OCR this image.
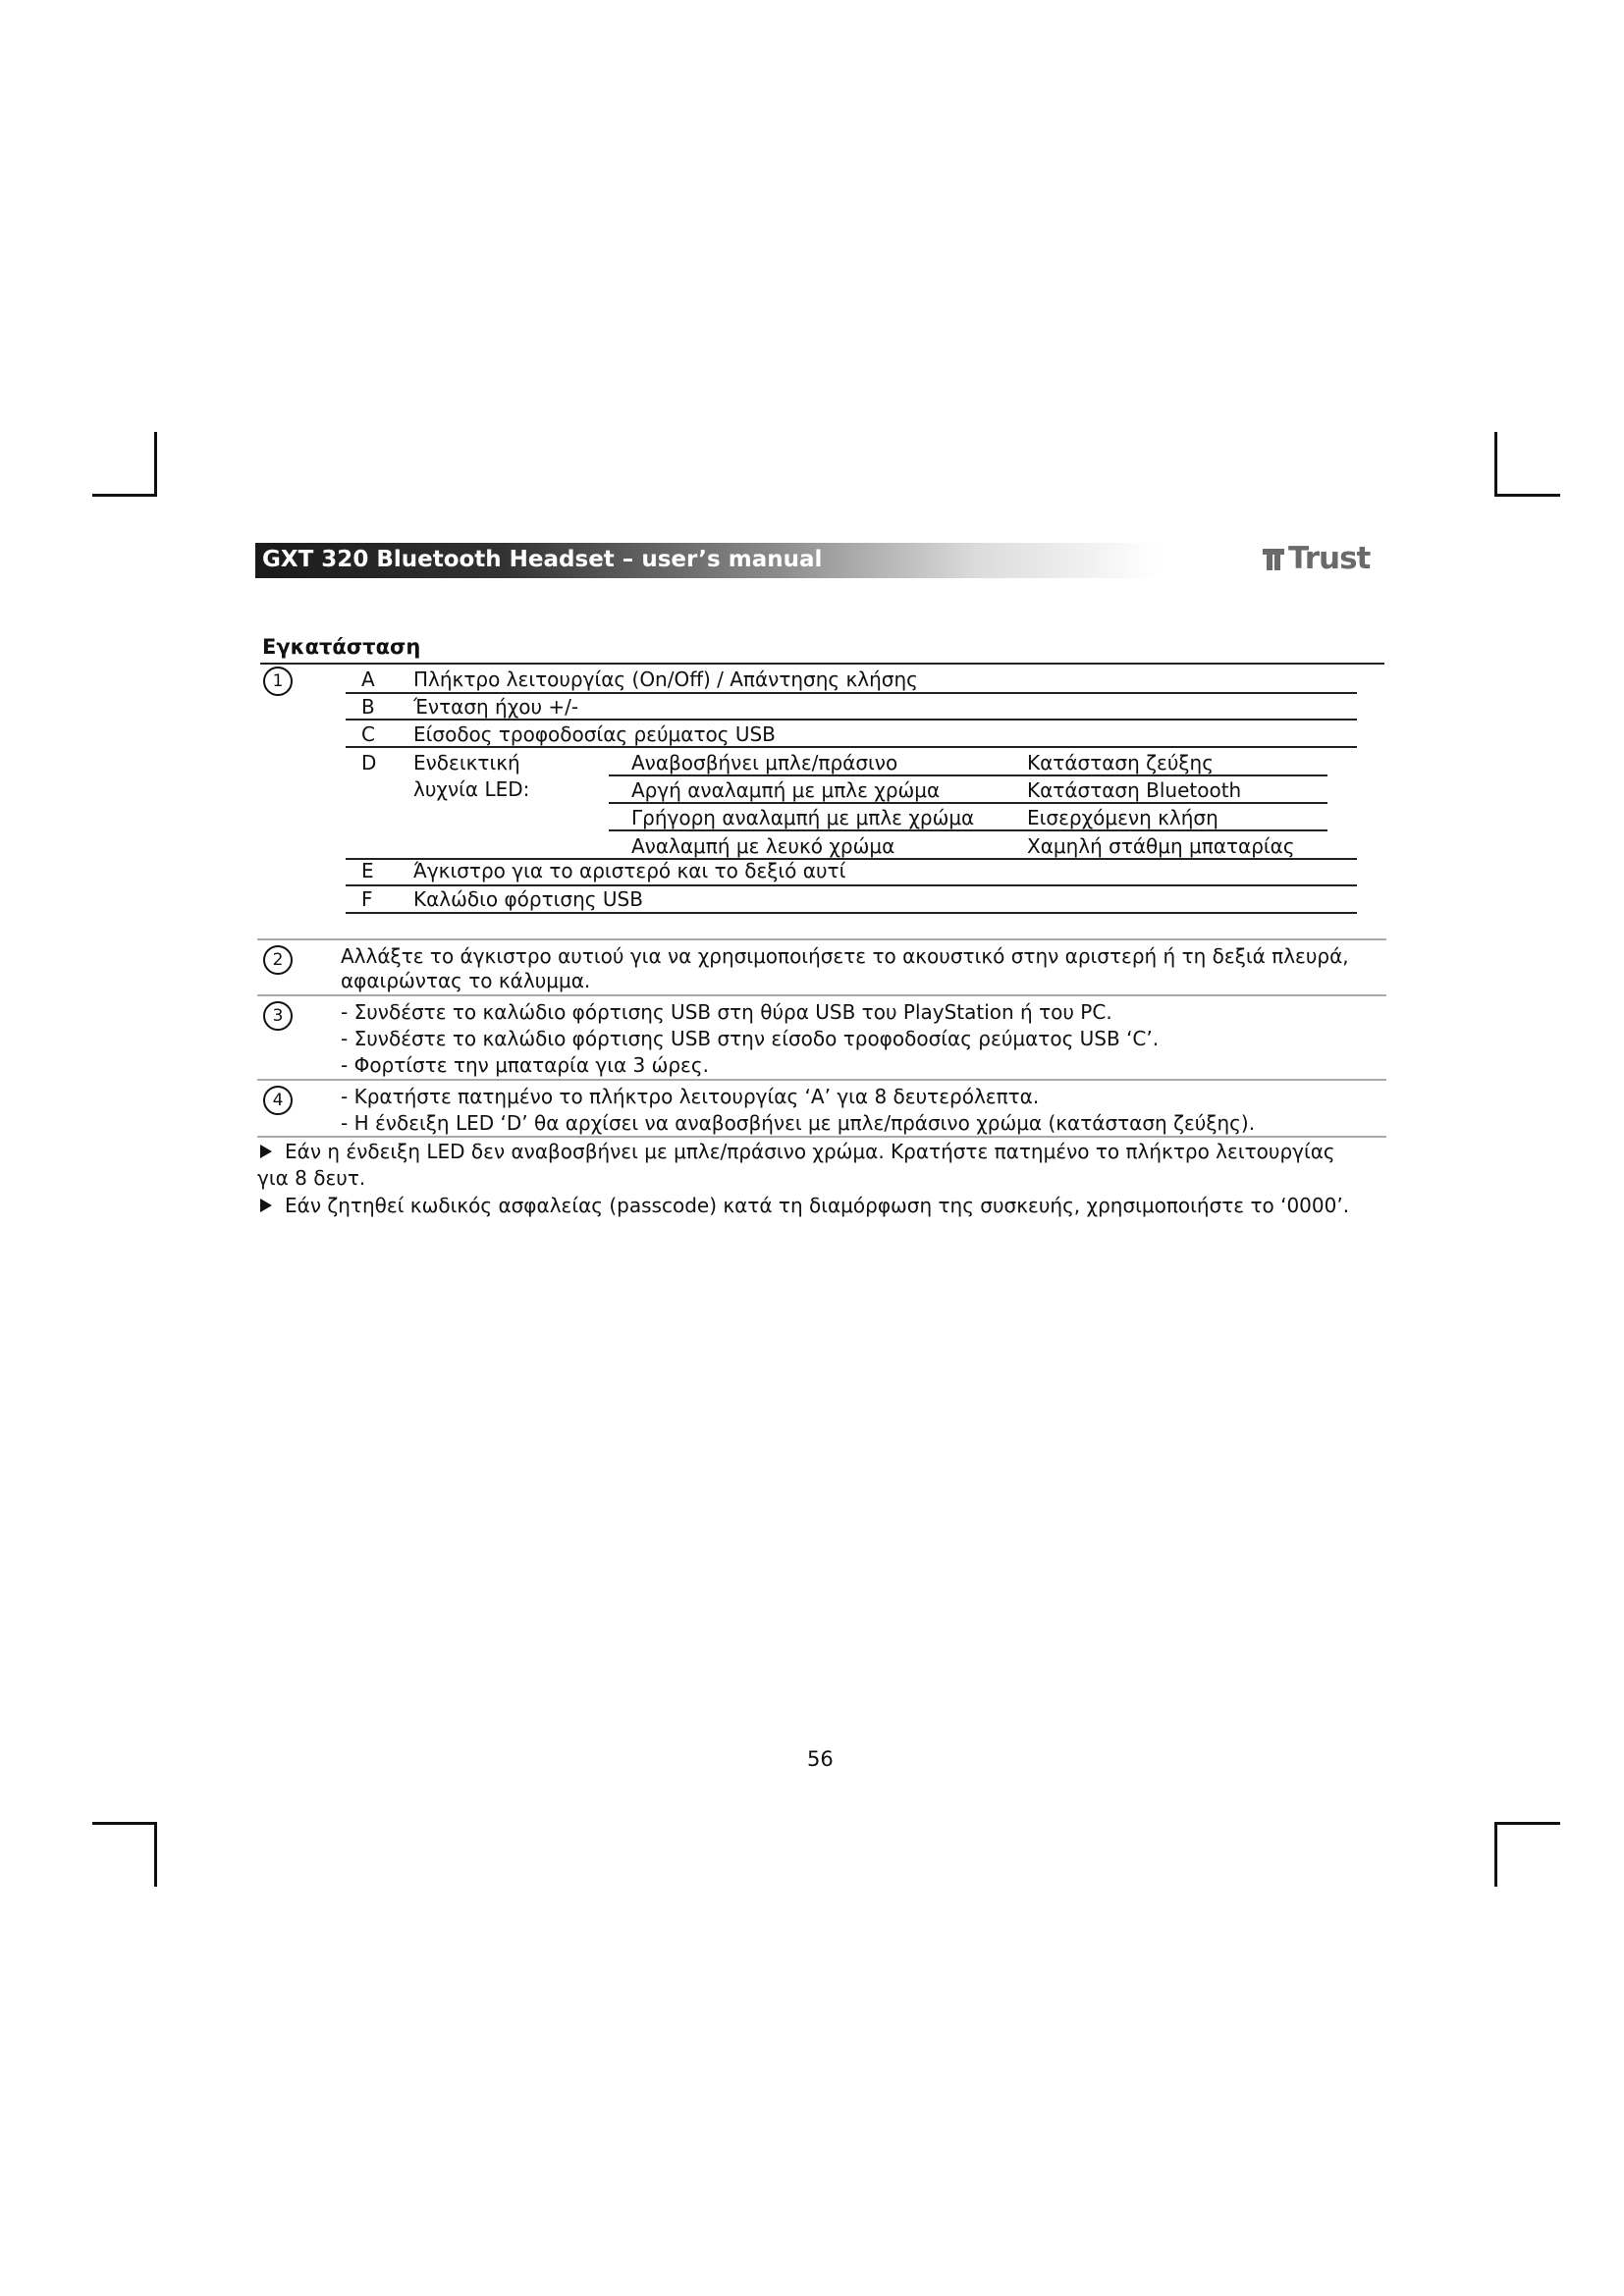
GXT 320 Bluetooth Headset – user’s manual	Trust
Εγκατάσταση
1	A Πλήκτρο λειτουργίας (On/Off) / Απάντησης κλήσης
B Ένταση ήχου +/-
C Είσοδος τροφοδοσίας ρεύματος USB
D Ενδεικτική
λυχνία LED:
Αναβοσβήνει μπλε/πράσινο	Κατάσταση ζεύξης
Αργή αναλαμπή με μπλε χρώμα	Κατάσταση Bluetooth
Γρήγορη αναλαμπή με μπλε χρώμα	Εισερχόμενη κλήση
Αναλαμπή με λευκό χρώμα	Χαμηλή στάθμη μπαταρίας
E Άγκιστρο για το αριστερό και το δεξιό αυτί
F Καλώδιο φόρτισης USB
2	Αλλάξτε το άγκιστρο αυτιού για να χρησιμοποιήσετε το ακουστικό στην αριστερή ή τη δεξιά πλευρά,
αφαιρώντας το κάλυμμα.
3	- Συνδέστε το καλώδιο φόρτισης USB στη θύρα USB του PlayStation ή του PC.
- Συνδέστε το καλώδιο φόρτισης USB στην είσοδο τροφοδοσίας ρεύματος USB ‘C’.
- Φορτίστε την μπαταρία για 3 ώρες.
4	- Κρατήστε πατημένο το πλήκτρο λειτουργίας ‘A’ για 8 δευτερόλεπτα.
- Η ένδειξη LED ‘D’ θα αρχίσει να αναβοσβήνει με μπλε/πράσινο χρώμα (κατάσταση ζεύξης).
Εάν η ένδειξη LED δεν αναβοσβήνει με μπλε/πράσινο χρώμα. Κρατήστε πατημένο το πλήκτρο λειτουργίας
για 8 δευτ.
Εάν ζητηθεί κωδικός ασφαλείας (passcode) κατά τη διαμόρφωση της συσκευής, χρησιμοποιήστε το ‘0000’.
56
